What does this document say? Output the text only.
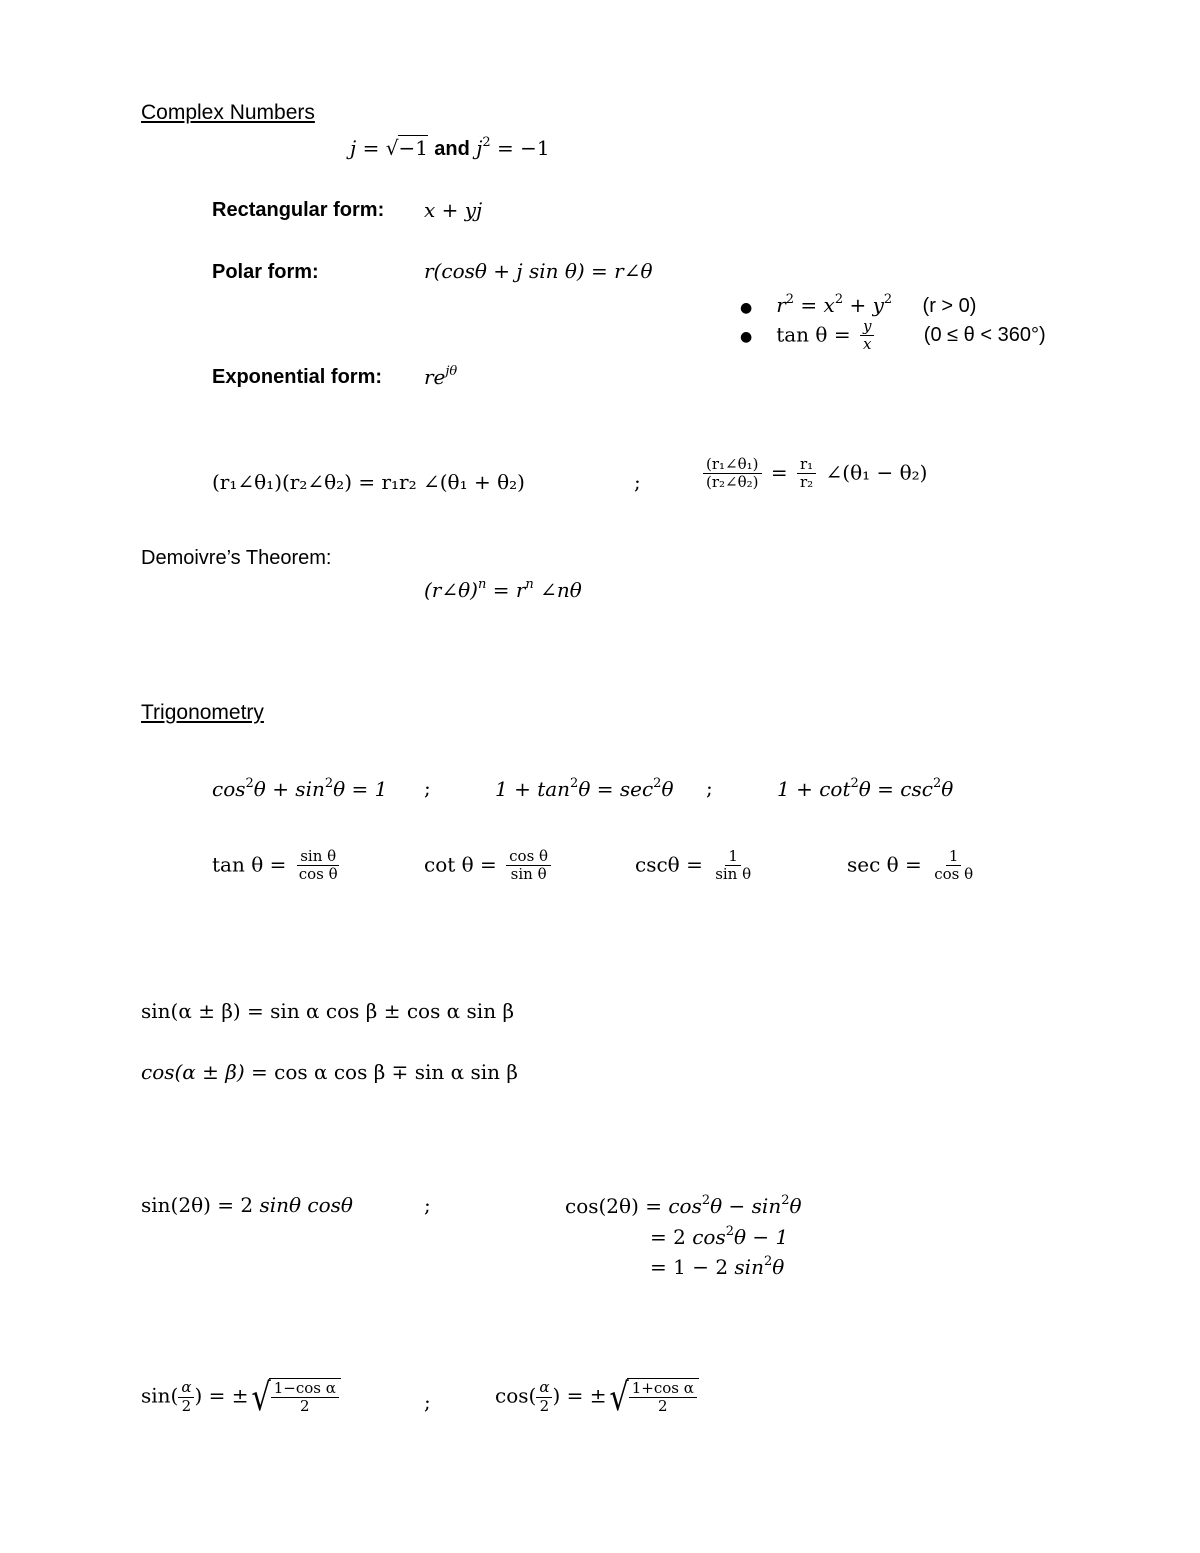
Complex Numbers
j = √−1 and $j^2 = -1$
Rectangular form: x + yj
Polar form:	r(cosθ + j sin θ) = r∠θ
● $r^2 = x^2 + y^2$ (r > 0)
● $\tan \theta = \frac{y}{x} (0 \le \theta < 360^\circ)$
Exponential form: $re^{j\theta}$
(r₁∠θ₁)(r₂∠θ₂) = r₁r₂ ∠(θ₁ + θ₂)	;	$\frac{\text{(r₁∠θ₁)}}{\text{(r₂∠θ₂)}} = \frac{\text{r₁}}{\text{r₂}}$ ∠(θ₁ − θ₂)
Demoivre’s Theorem:
(r∠θ)$^n$ = $r^n$ ∠nθ
Trigonometry
$\cos^2\theta + \sin^2\theta = 1$ ;	$1 + \tan^2\theta = \sec^2\theta$ ;	$1 + \cot^2\theta = \csc^2\theta$
$\tan \theta = \frac{\text{sin θ}}{\text{cos θ}}$	$\cot \theta = \frac{\text{cos θ}}{\text{sin θ}}$	$\csc\theta = \frac{1}{\text{sin θ}}$	$\sec \theta = \frac{1}{\text{cos θ}}$
sin(α ± β) = sin α cos β ± cos α sin β
cos(α ± β) = cos α cos β ∓ sin α sin β
sin(2θ) = 2 sinθ cosθ	;	$\cos(2\theta) = \cos^2\theta - \sin^2\theta$
= 2 $\cos^2\theta - 1$
= 1 − 2 $\sin^2\theta$
$\sin( \frac{\alpha}{2}$ ) = ± √ $\frac{\text{1−cos α}}{2}$	;	$\cos( \frac{\alpha}{2}$ ) = ± √ $\frac{\text{1+cos α}}{2}$
